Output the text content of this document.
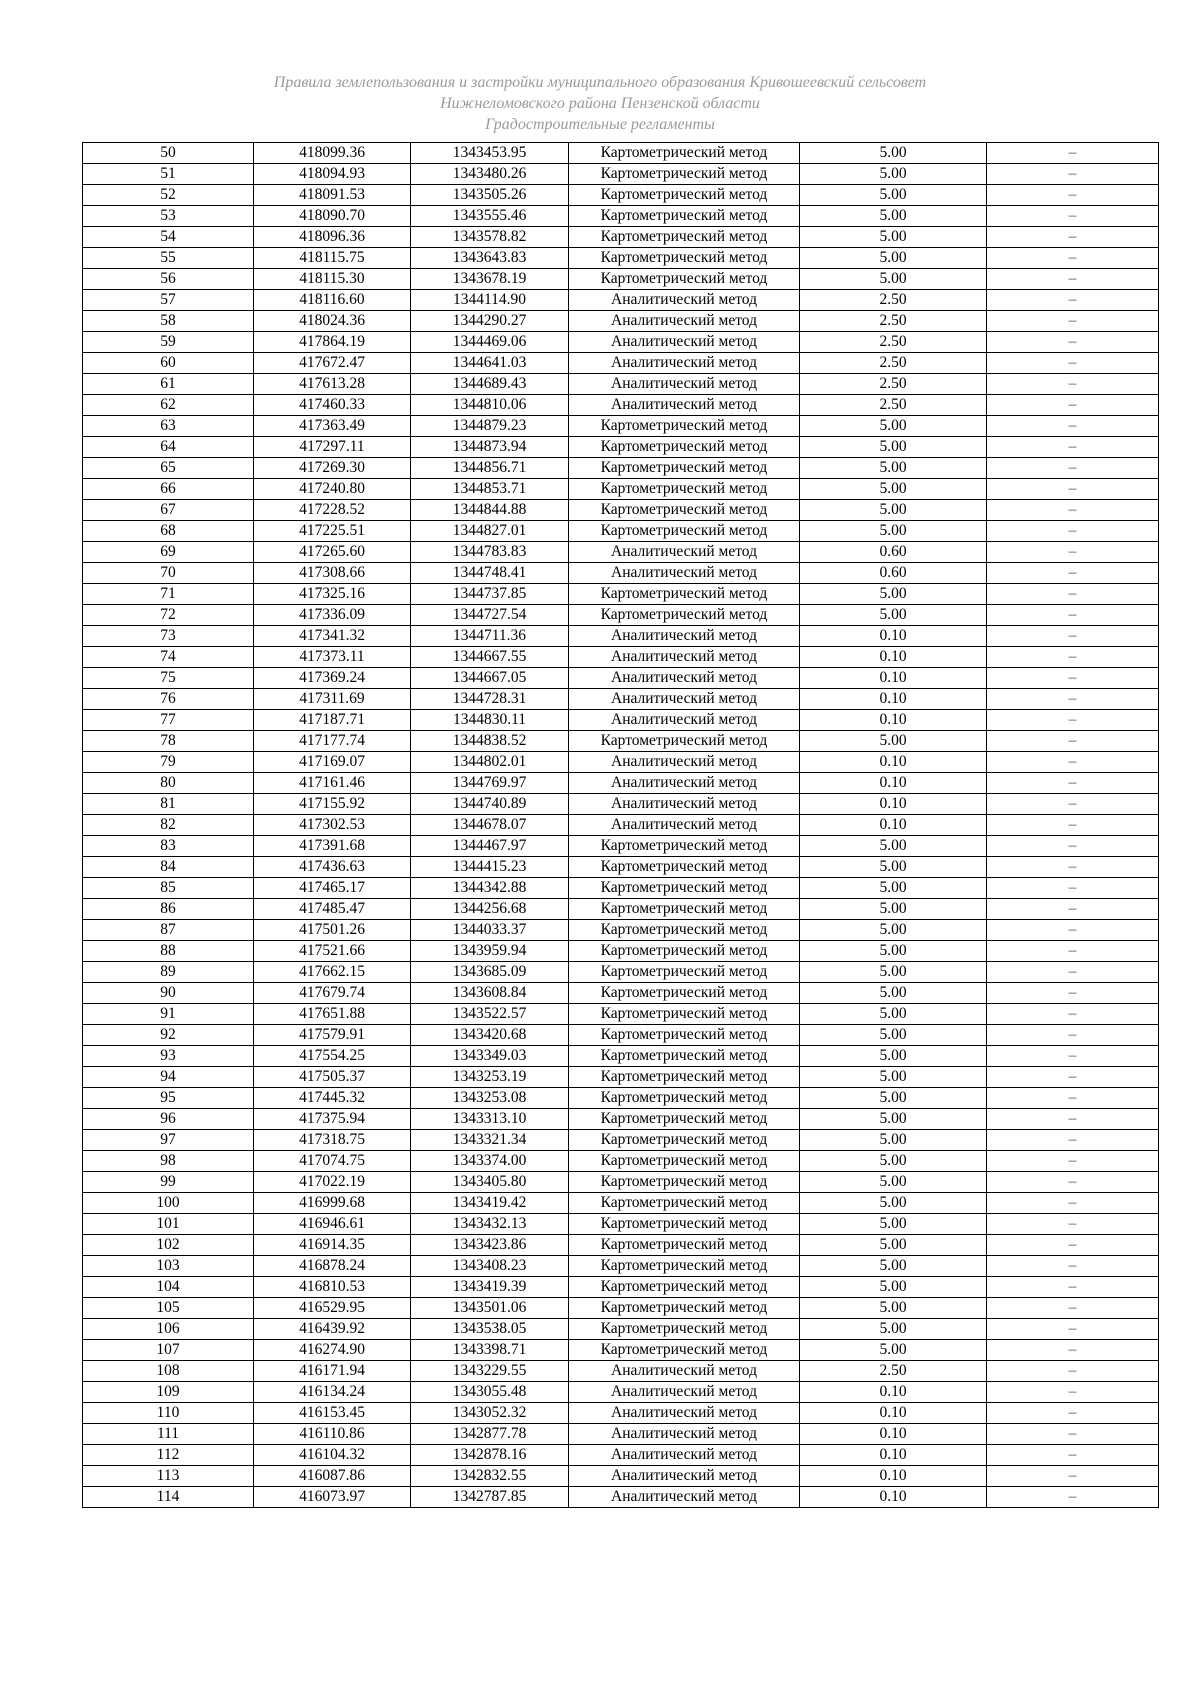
Правила землепользования и застройки муниципального образования Кривошеевский сельсовет
Нижнеломовского района Пензенской области
Градостроительные регламенты
50	418099.36	1343453.95	Картометрический метод	5.00	–
51	418094.93	1343480.26	Картометрический метод	5.00	–
52	418091.53	1343505.26	Картометрический метод	5.00	–
53	418090.70	1343555.46	Картометрический метод	5.00	–
54	418096.36	1343578.82	Картометрический метод	5.00	–
55	418115.75	1343643.83	Картометрический метод	5.00	–
56	418115.30	1343678.19	Картометрический метод	5.00	–
57	418116.60	1344114.90	Аналитический метод	2.50	–
58	418024.36	1344290.27	Аналитический метод	2.50	–
59	417864.19	1344469.06	Аналитический метод	2.50	–
60	417672.47	1344641.03	Аналитический метод	2.50	–
61	417613.28	1344689.43	Аналитический метод	2.50	–
62	417460.33	1344810.06	Аналитический метод	2.50	–
63	417363.49	1344879.23	Картометрический метод	5.00	–
64	417297.11	1344873.94	Картометрический метод	5.00	–
65	417269.30	1344856.71	Картометрический метод	5.00	–
66	417240.80	1344853.71	Картометрический метод	5.00	–
67	417228.52	1344844.88	Картометрический метод	5.00	–
68	417225.51	1344827.01	Картометрический метод	5.00	–
69	417265.60	1344783.83	Аналитический метод	0.60	–
70	417308.66	1344748.41	Аналитический метод	0.60	–
71	417325.16	1344737.85	Картометрический метод	5.00	–
72	417336.09	1344727.54	Картометрический метод	5.00	–
73	417341.32	1344711.36	Аналитический метод	0.10	–
74	417373.11	1344667.55	Аналитический метод	0.10	–
75	417369.24	1344667.05	Аналитический метод	0.10	–
76	417311.69	1344728.31	Аналитический метод	0.10	–
77	417187.71	1344830.11	Аналитический метод	0.10	–
78	417177.74	1344838.52	Картометрический метод	5.00	–
79	417169.07	1344802.01	Аналитический метод	0.10	–
80	417161.46	1344769.97	Аналитический метод	0.10	–
81	417155.92	1344740.89	Аналитический метод	0.10	–
82	417302.53	1344678.07	Аналитический метод	0.10	–
83	417391.68	1344467.97	Картометрический метод	5.00	–
84	417436.63	1344415.23	Картометрический метод	5.00	–
85	417465.17	1344342.88	Картометрический метод	5.00	–
86	417485.47	1344256.68	Картометрический метод	5.00	–
87	417501.26	1344033.37	Картометрический метод	5.00	–
88	417521.66	1343959.94	Картометрический метод	5.00	–
89	417662.15	1343685.09	Картометрический метод	5.00	–
90	417679.74	1343608.84	Картометрический метод	5.00	–
91	417651.88	1343522.57	Картометрический метод	5.00	–
92	417579.91	1343420.68	Картометрический метод	5.00	–
93	417554.25	1343349.03	Картометрический метод	5.00	–
94	417505.37	1343253.19	Картометрический метод	5.00	–
95	417445.32	1343253.08	Картометрический метод	5.00	–
96	417375.94	1343313.10	Картометрический метод	5.00	–
97	417318.75	1343321.34	Картометрический метод	5.00	–
98	417074.75	1343374.00	Картометрический метод	5.00	–
99	417022.19	1343405.80	Картометрический метод	5.00	–
100	416999.68	1343419.42	Картометрический метод	5.00	–
101	416946.61	1343432.13	Картометрический метод	5.00	–
102	416914.35	1343423.86	Картометрический метод	5.00	–
103	416878.24	1343408.23	Картометрический метод	5.00	–
104	416810.53	1343419.39	Картометрический метод	5.00	–
105	416529.95	1343501.06	Картометрический метод	5.00	–
106	416439.92	1343538.05	Картометрический метод	5.00	–
107	416274.90	1343398.71	Картометрический метод	5.00	–
108	416171.94	1343229.55	Аналитический метод	2.50	–
109	416134.24	1343055.48	Аналитический метод	0.10	–
110	416153.45	1343052.32	Аналитический метод	0.10	–
111	416110.86	1342877.78	Аналитический метод	0.10	–
112	416104.32	1342878.16	Аналитический метод	0.10	–
113	416087.86	1342832.55	Аналитический метод	0.10	–
114	416073.97	1342787.85	Аналитический метод	0.10	–
